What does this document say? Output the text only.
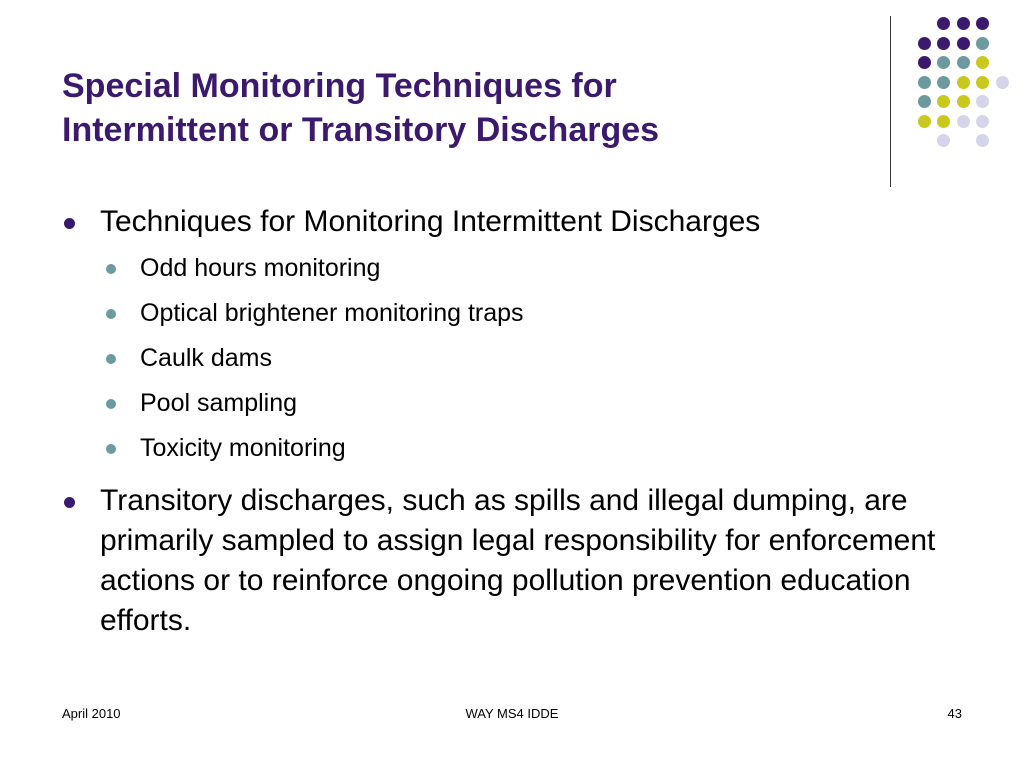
Special Monitoring Techniques for
Intermittent or Transitory Discharges
Techniques for Monitoring Intermittent Discharges
Odd hours monitoring
Optical brightener monitoring traps
Caulk dams
Pool sampling
Toxicity monitoring
Transitory discharges, such as spills and illegal dumping, are primarily sampled to assign legal responsibility for enforcement actions or to reinforce ongoing pollution prevention education efforts.
April 2010	WAY MS4 IDDE	43
